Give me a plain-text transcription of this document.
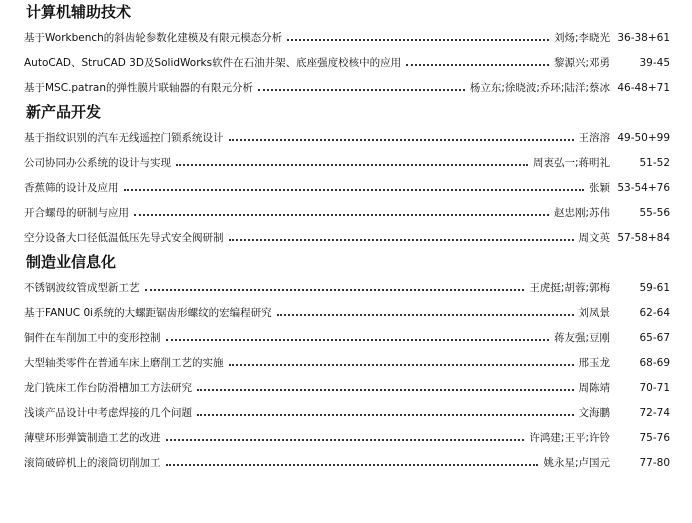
计算机辅助技术
基于Workbench的斜齿轮参数化建模及有限元模态分析	刘炀;李晓光 36-38+61
AutoCAD、StruCAD 3D及SolidWorks软件在石油井架、底座强度校核中的应用	黎源兴;邓勇	39-45
基于MSC.patran的弹性膜片联轴器的有限元分析	杨立东;徐晓波;乔环;陆洋;蔡冰 46-48+71
新产品开发
基于指纹识别的汽车无线遥控门锁系统设计	王溶溶 49-50+99
公司协同办公系统的设计与实现	周衷弘一;蒋明礼	51-52
香蕉筛的设计及应用	张颖 53-54+76
开合螺母的研制与应用	赵忠刚;苏伟	55-56
空分设备大口径低温低压先导式安全阀研制	周文英 57-58+84
制造业信息化
不锈钢波纹管成型新工艺	王虎挺;胡蓉;郭梅	59-61
基于FANUC 0i系统的大螺距锯齿形螺纹的宏编程研究	刘凤景	62-64
铜件在车削加工中的变形控制	蒋友强;豆刚	65-67
大型轴类零件在普通车床上磨削工艺的实施	邢玉龙	68-69
龙门铣床工作台防滑槽加工方法研究	周陈靖	70-71
浅谈产品设计中考虑焊接的几个问题	文海鹏	72-74
薄壁环形弹簧制造工艺的改进	许鸿建;王平;许铃	75-76
滚筒破碎机上的滚筒切削加工	姚永星;卢国元	77-80
